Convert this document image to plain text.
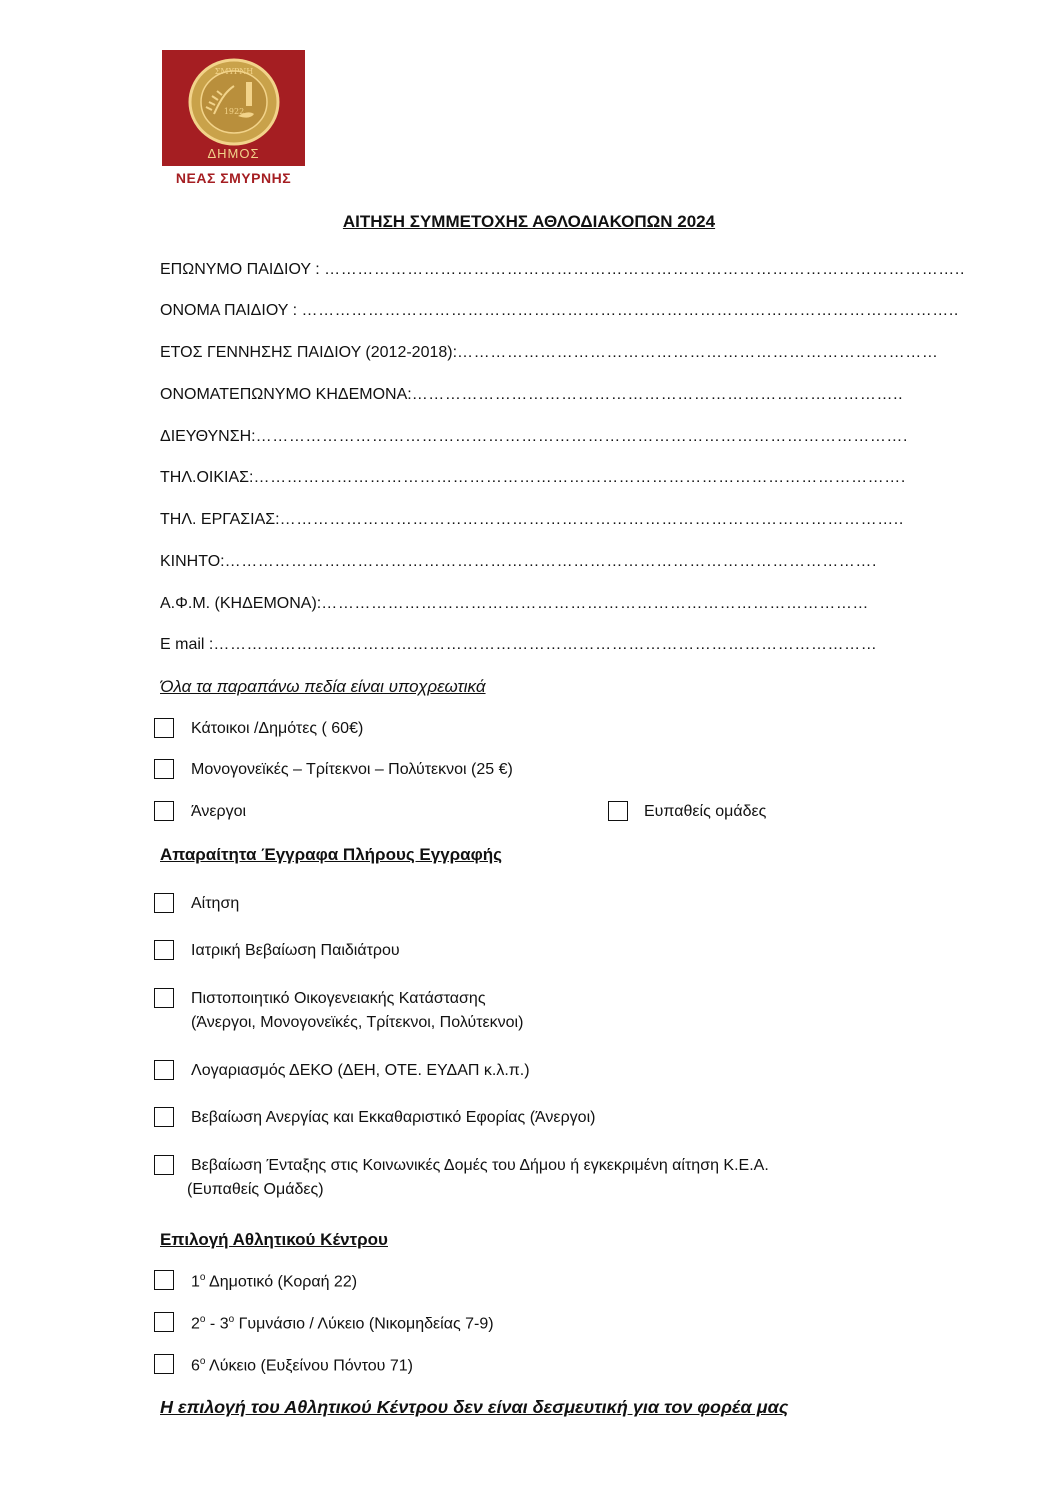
1922
ΣΜΥΡΝΗ
ΔΗΜΟΣ
ΝΕΑΣ ΣΜΥΡΝΗΣ
ΑΙΤΗΣΗ ΣΥΜΜΕΤΟΧΗΣ ΑΘΛΟΔΙΑΚΟΠΩΝ 2024
ΕΠΩΝΥΜΟ ΠΑΙΔΙΟΥ : ……………………………………………………………………………………………………..
ΟΝΟΜΑ ΠΑΙΔΙΟΥ : ………………………………………………………………………………………………………..
ΕΤΟΣ ΓΕΝΝΗΣΗΣ ΠΑΙΔΙΟΥ (2012-2018):……………………………………………………………………………
ΟΝΟΜΑΤΕΠΩΝΥΜΟ ΚΗΔΕΜΟΝΑ:……………………………………………………………………………..
ΔΙΕΥΘΥΝΣΗ:……………………………………………………………………………………………………….
ΤΗΛ.ΟΙΚΙΑΣ:……………………………………………………………………………………………………….
ΤΗΛ. ΕΡΓΑΣΙΑΣ:…………………………………………………………………………………………………..
ΚΙΝΗΤΟ:……………………………………………………………………………………………………….
Α.Φ.Μ. (ΚΗΔΕΜΟΝΑ):………………………………………………………………………………………
E mail :…………………………………………………………………………………………………………
Όλα τα παραπάνω πεδία είναι υποχρεωτικά
Κάτοικοι /Δημότες ( 60€)
Μονογονεϊκές – Τρίτεκνοι – Πολύτεκνοι (25 €)
Άνεργοι	Ευπαθείς ομάδες
Απαραίτητα Έγγραφα Πλήρους Εγγραφής
Αίτηση
Ιατρική Βεβαίωση Παιδιάτρου
Πιστοποιητικό Οικογενειακής Κατάστασης
(Άνεργοι, Μονογονεϊκές, Τρίτεκνοι, Πολύτεκνοι)
Λογαριασμός ΔΕΚΟ (ΔΕΗ, ΟΤΕ. ΕΥΔΑΠ κ.λ.π.)
Βεβαίωση Ανεργίας και Εκκαθαριστικό Εφορίας (Άνεργοι)
Βεβαίωση Ένταξης στις Κοινωνικές Δομές του Δήμου ή εγκεκριμένη αίτηση Κ.Ε.Α.
(Ευπαθείς Ομάδες)
Επιλογή Αθλητικού Κέντρου
$1^o$ Δημοτικό (Κοραή 22)
$2^o - 3^o$ Γυμνάσιο / Λύκειο (Νικομηδείας 7-9)
$6^o$ Λύκειο (Ευξείνου Πόντου 71)
Η επιλογή του Αθλητικού Κέντρου δεν είναι δεσμευτική για τον φορέα μας
